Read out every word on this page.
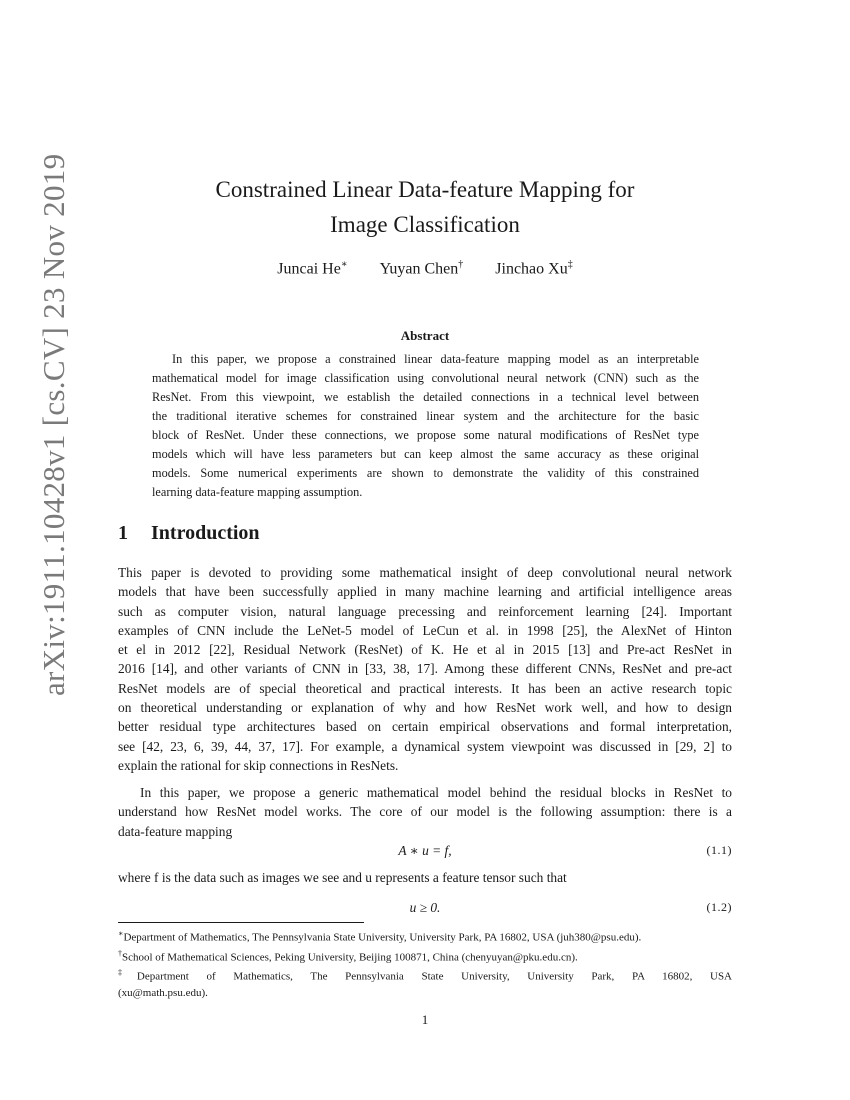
arXiv:1911.10428v1 [cs.CV] 23 Nov 2019	Constrained Linear Data-feature Mapping for
Image Classification
Juncai He∗ Yuyan Chen† Jinchao Xu‡
Abstract
In this paper, we propose a constrained linear data-feature mapping model as an interpretable
mathematical model for image classification using convolutional neural network (CNN) such as the
ResNet. From this viewpoint, we establish the detailed connections in a technical level between
the traditional iterative schemes for constrained linear system and the architecture for the basic
block of ResNet. Under these connections, we propose some natural modifications of ResNet type
models which will have less parameters but can keep almost the same accuracy as these original
models. Some numerical experiments are shown to demonstrate the validity of this constrained
learning data-feature mapping assumption.
1 Introduction
This paper is devoted to providing some mathematical insight of deep convolutional neural network
models that have been successfully applied in many machine learning and artificial intelligence areas
such as computer vision, natural language precessing and reinforcement learning [24]. Important
examples of CNN include the LeNet-5 model of LeCun et al. in 1998 [25], the AlexNet of Hinton
et el in 2012 [22], Residual Network (ResNet) of K. He et al in 2015 [13] and Pre-act ResNet in
2016 [14], and other variants of CNN in [33, 38, 17]. Among these different CNNs, ResNet and pre-act
ResNet models are of special theoretical and practical interests. It has been an active research topic
on theoretical understanding or explanation of why and how ResNet work well, and how to design
better residual type architectures based on certain empirical observations and formal interpretation,
see [42, 23, 6, 39, 44, 37, 17]. For example, a dynamical system viewpoint was discussed in [29, 2] to
explain the rational for skip connections in ResNets.
In this paper, we propose a generic mathematical model behind the residual blocks in ResNet to
understand how ResNet model works. The core of our model is the following assumption: there is a
data-feature mapping
A ∗ u = f,	(1.1)
where f is the data such as images we see and u represents a feature tensor such that
u ≥ 0.	(1.2)
∗Department of Mathematics, The Pennsylvania State University, University Park, PA 16802, USA (juh380@psu.edu).
†School of Mathematical Sciences, Peking University, Beijing 100871, China (chenyuyan@pku.edu.cn).
‡Department of Mathematics, The Pennsylvania State University, University Park, PA 16802, USA
(xu@math.psu.edu).
1
